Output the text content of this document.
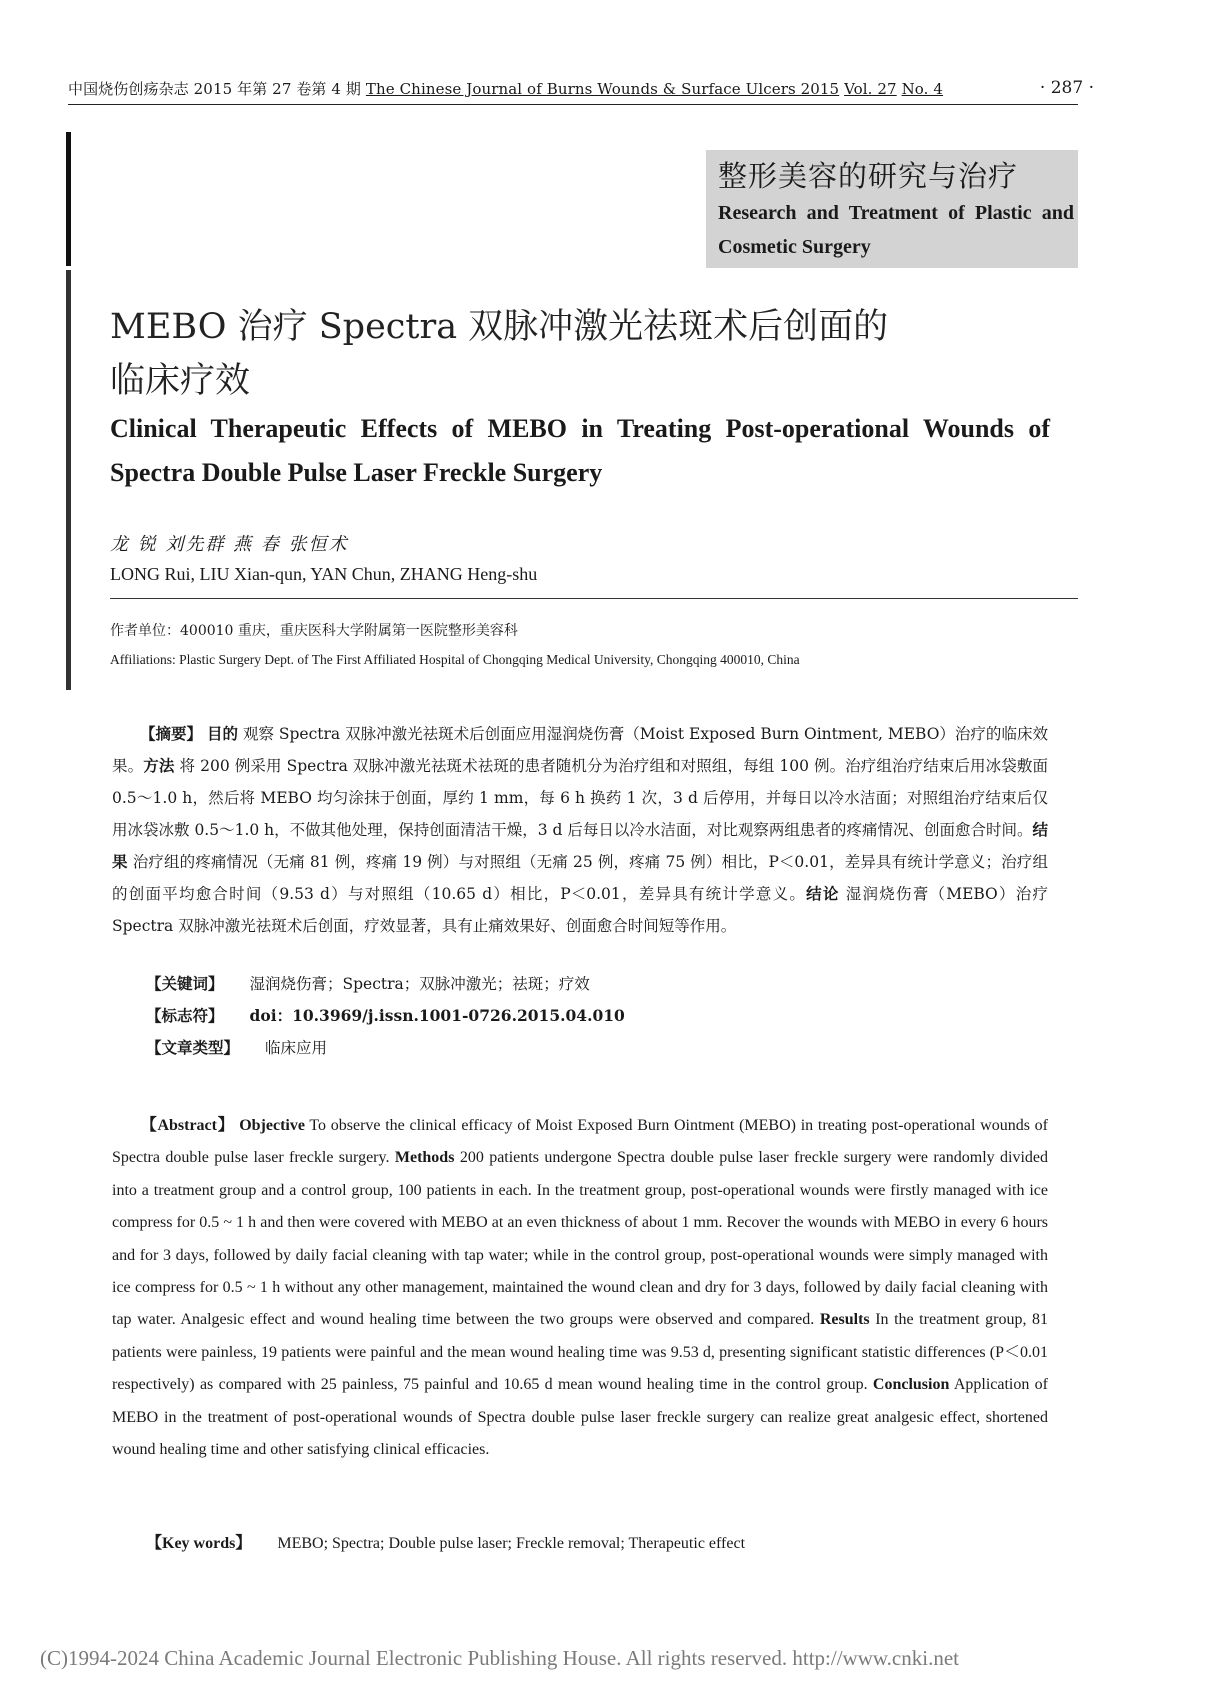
中国烧伤创疡杂志 2015 年第 27 卷第 4 期 The Chinese Journal of Burns Wounds & Surface Ulcers 2015 Vol. 27 No. 4	· 287 ·
整形美容的研究与治疗
Research and Treatment of Plastic and Cosmetic Surgery
MEBO 治疗 Spectra 双脉冲激光祛斑术后创面的
临床疗效
Clinical Therapeutic Effects of MEBO in Treating Post-operational Wounds of Spectra Double Pulse Laser Freckle Surgery
龙 锐 刘先群 燕 春 张恒术
LONG Rui, LIU Xian-qun, YAN Chun, ZHANG Heng-shu
作者单位：400010 重庆，重庆医科大学附属第一医院整形美容科
Affiliations: Plastic Surgery Dept. of The First Affiliated Hospital of Chongqing Medical University, Chongqing 400010, China
【摘要】 目的 观察 Spectra 双脉冲激光祛斑术后创面应用湿润烧伤膏（Moist Exposed Burn Ointment, MEBO）治疗的临床效果。方法 将 200 例采用 Spectra 双脉冲激光祛斑术祛斑的患者随机分为治疗组和对照组，每组 100 例。治疗组治疗结束后用冰袋敷面 0.5～1.0 h，然后将 MEBO 均匀涂抹于创面，厚约 1 mm，每 6 h 换药 1 次，3 d 后停用，并每日以冷水洁面；对照组治疗结束后仅用冰袋冰敷 0.5～1.0 h，不做其他处理，保持创面清洁干燥，3 d 后每日以冷水洁面，对比观察两组患者的疼痛情况、创面愈合时间。结果 治疗组的疼痛情况（无痛 81 例，疼痛 19 例）与对照组（无痛 25 例，疼痛 75 例）相比，P＜0.01，差异具有统计学意义；治疗组的创面平均愈合时间（9.53 d）与对照组（10.65 d）相比，P＜0.01，差异具有统计学意义。结论 湿润烧伤膏（MEBO）治疗 Spectra 双脉冲激光祛斑术后创面，疗效显著，具有止痛效果好、创面愈合时间短等作用。
【关键词】 湿润烧伤膏；Spectra；双脉冲激光；祛斑；疗效
【标志符】 doi：10.3969/j.issn.1001-0726.2015.04.010
【文章类型】 临床应用
【Abstract】 Objective To observe the clinical efficacy of Moist Exposed Burn Ointment (MEBO) in treating post-operational wounds of Spectra double pulse laser freckle surgery. Methods 200 patients undergone Spectra double pulse laser freckle surgery were randomly divided into a treatment group and a control group, 100 patients in each. In the treatment group, post-operational wounds were firstly managed with ice compress for 0.5 ~ 1 h and then were covered with MEBO at an even thickness of about 1 mm. Recover the wounds with MEBO in every 6 hours and for 3 days, followed by daily facial cleaning with tap water; while in the control group, post-operational wounds were simply managed with ice compress for 0.5 ~ 1 h without any other management, maintained the wound clean and dry for 3 days, followed by daily facial cleaning with tap water. Analgesic effect and wound healing time between the two groups were observed and compared. Results In the treatment group, 81 patients were painless, 19 patients were painful and the mean wound healing time was 9.53 d, presenting significant statistic differences (P＜0.01 respectively) as compared with 25 painless, 75 painful and 10.65 d mean wound healing time in the control group. Conclusion Application of MEBO in the treatment of post-operational wounds of Spectra double pulse laser freckle surgery can realize great analgesic effect, shortened wound healing time and other satisfying clinical efficacies.
【Key words】 MEBO; Spectra; Double pulse laser; Freckle removal; Therapeutic effect
(C)1994-2024 China Academic Journal Electronic Publishing House. All rights reserved. http://www.cnki.net
